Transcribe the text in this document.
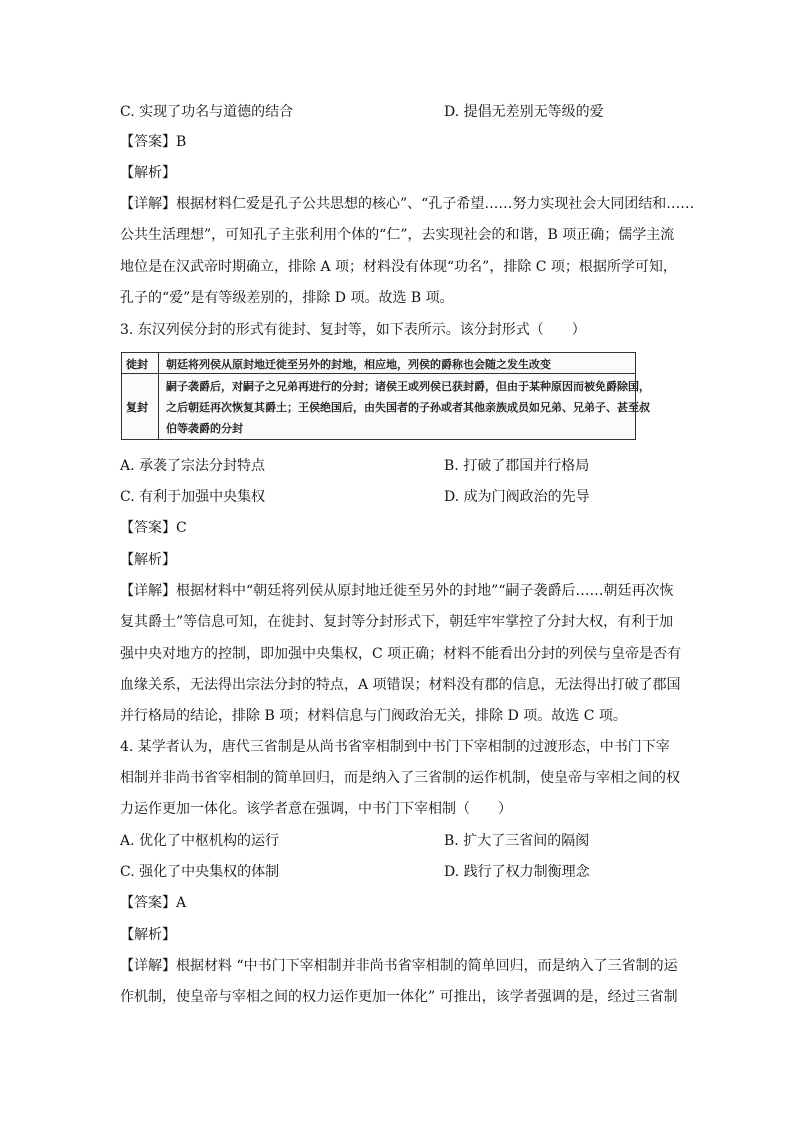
C. 实现了功名与道德的结合	D. 提倡无差别无等级的爱
【答案】B
【解析】
【详解】根据材料仁爱是孔子公共思想的核心”、“孔子希望……努力实现社会大同团结和……
公共生活理想”，可知孔子主张利用个体的“仁”，去实现社会的和谐，B 项正确；儒学主流
地位是在汉武帝时期确立，排除 A 项；材料没有体现“功名”，排除 C 项；根据所学可知，
孔子的“爱”是有等级差别的，排除 D 项。故选 B 项。
3. 东汉列侯分封的形式有徙封、复封等，如下表所示。该分封形式（　　）
徙封 朝廷将列侯从原封地迁徙至另外的封地，相应地，列侯的爵称也会随之发生改变
复封
嗣子袭爵后，对嗣子之兄弟再进行的分封；诸侯王或列侯已获封爵，但由于某种原因而被免爵除国，
之后朝廷再次恢复其爵土；王侯绝国后，由失国者的子孙或者其他亲族成员如兄弟、兄弟子、甚至叔
伯等袭爵的分封
A. 承袭了宗法分封特点	B. 打破了郡国并行格局
C. 有利于加强中央集权	D. 成为门阀政治的先导
【答案】C
【解析】
【详解】根据材料中“朝廷将列侯从原封地迁徙至另外的封地”“嗣子袭爵后……朝廷再次恢
复其爵土”等信息可知，在徙封、复封等分封形式下，朝廷牢牢掌控了分封大权，有利于加
强中央对地方的控制，即加强中央集权，C 项正确；材料不能看出分封的列侯与皇帝是否有
血缘关系，无法得出宗法分封的特点，A 项错误；材料没有郡的信息，无法得出打破了郡国
并行格局的结论，排除 B 项；材料信息与门阀政治无关，排除 D 项。故选 C 项。
4. 某学者认为，唐代三省制是从尚书省宰相制到中书门下宰相制的过渡形态，中书门下宰
相制并非尚书省宰相制的简单回归，而是纳入了三省制的运作机制，使皇帝与宰相之间的权
力运作更加一体化。该学者意在强调，中书门下宰相制（　　）
A. 优化了中枢机构的运行	B. 扩大了三省间的隔阂
C. 强化了中央集权的体制	D. 践行了权力制衡理念
【答案】A
【解析】
【详解】根据材料 “中书门下宰相制并非尚书省宰相制的简单回归，而是纳入了三省制的运
作机制，使皇帝与宰相之间的权力运作更加一体化” 可推出，该学者强调的是，经过三省制
